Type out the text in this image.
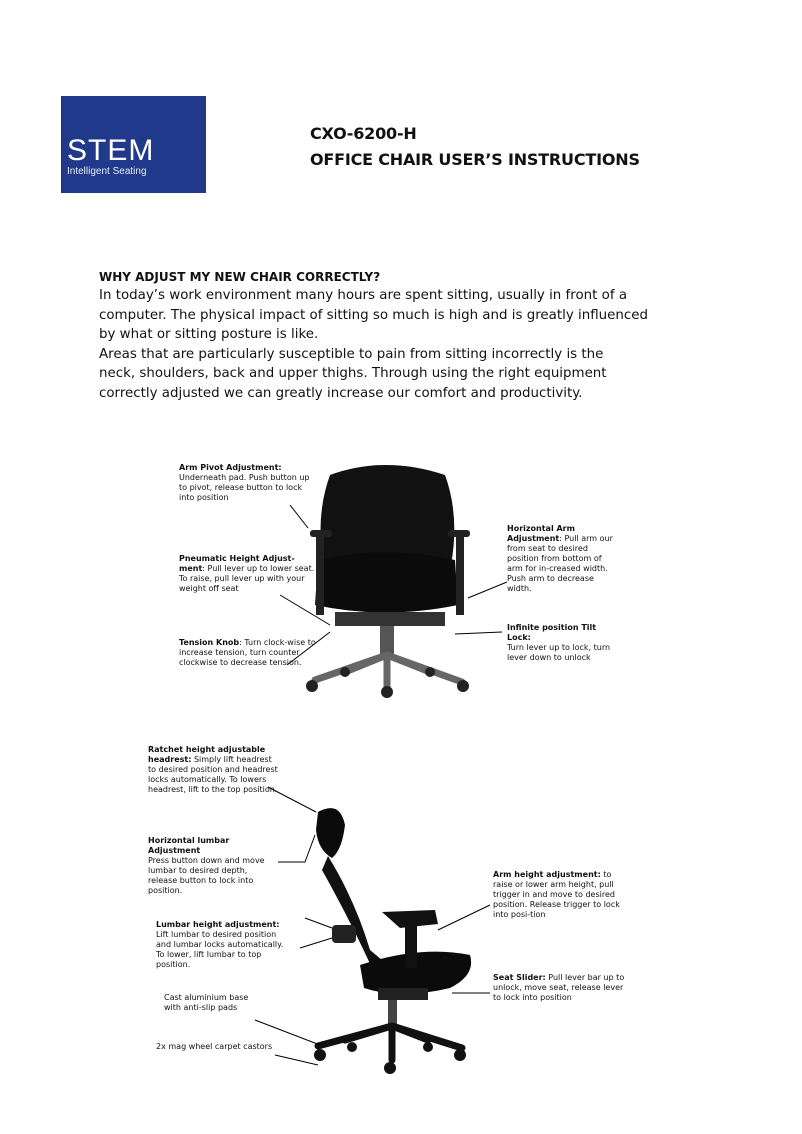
STEM
Intelligent Seating
CXO-6200-H
OFFICE CHAIR USER’S INSTRUCTIONS
WHY ADJUST MY NEW CHAIR CORRECTLY?

In today’s work environment many hours are spent sitting, usually in front of a

computer. The physical impact of sitting so much is high and is greatly influenced

by what or sitting posture is like.

Areas that are particularly susceptible to pain from sitting incorrectly is the

neck, shoulders, back and upper thighs. Through using the right equipment

correctly adjusted we can greatly increase our comfort and productivity.

Arm Pivot Adjustment:
Underneath pad. Push button up to pivot, release button to lock into position
Pneumatic Height Adjust-ment: Pull lever up to lower seat. To raise, pull lever up with your weight off seat
Tension Knob: Turn clock-wise to increase tension, turn counter clockwise to decrease tension.
Horizontal Arm Adjustment: Pull arm our from seat to desired position from bottom of arm for in-creased width. Push arm to decrease width.
Infinite position Tilt Lock:
Turn lever up to lock, turn lever down to unlock
Ratchet height adjustable headrest: Simply lift headrest to desired position and headrest locks automatically. To lowers headrest, lift to the top position.
Horizontal lumbar Adjustment
Press button down and move lumbar to desired depth, release button to lock into position.
Lumbar height adjustment: Lift lumbar to desired position and lumbar locks automatically. To lower, lift lumbar to top position.
Cast aluminium base with anti-slip pads
2x mag wheel carpet castors
Arm height adjustment: to raise or lower arm height, pull trigger in and move to desired position. Release trigger to lock into posi-tion
Seat Slider: Pull lever bar up to unlock, move seat, release lever to lock into position
